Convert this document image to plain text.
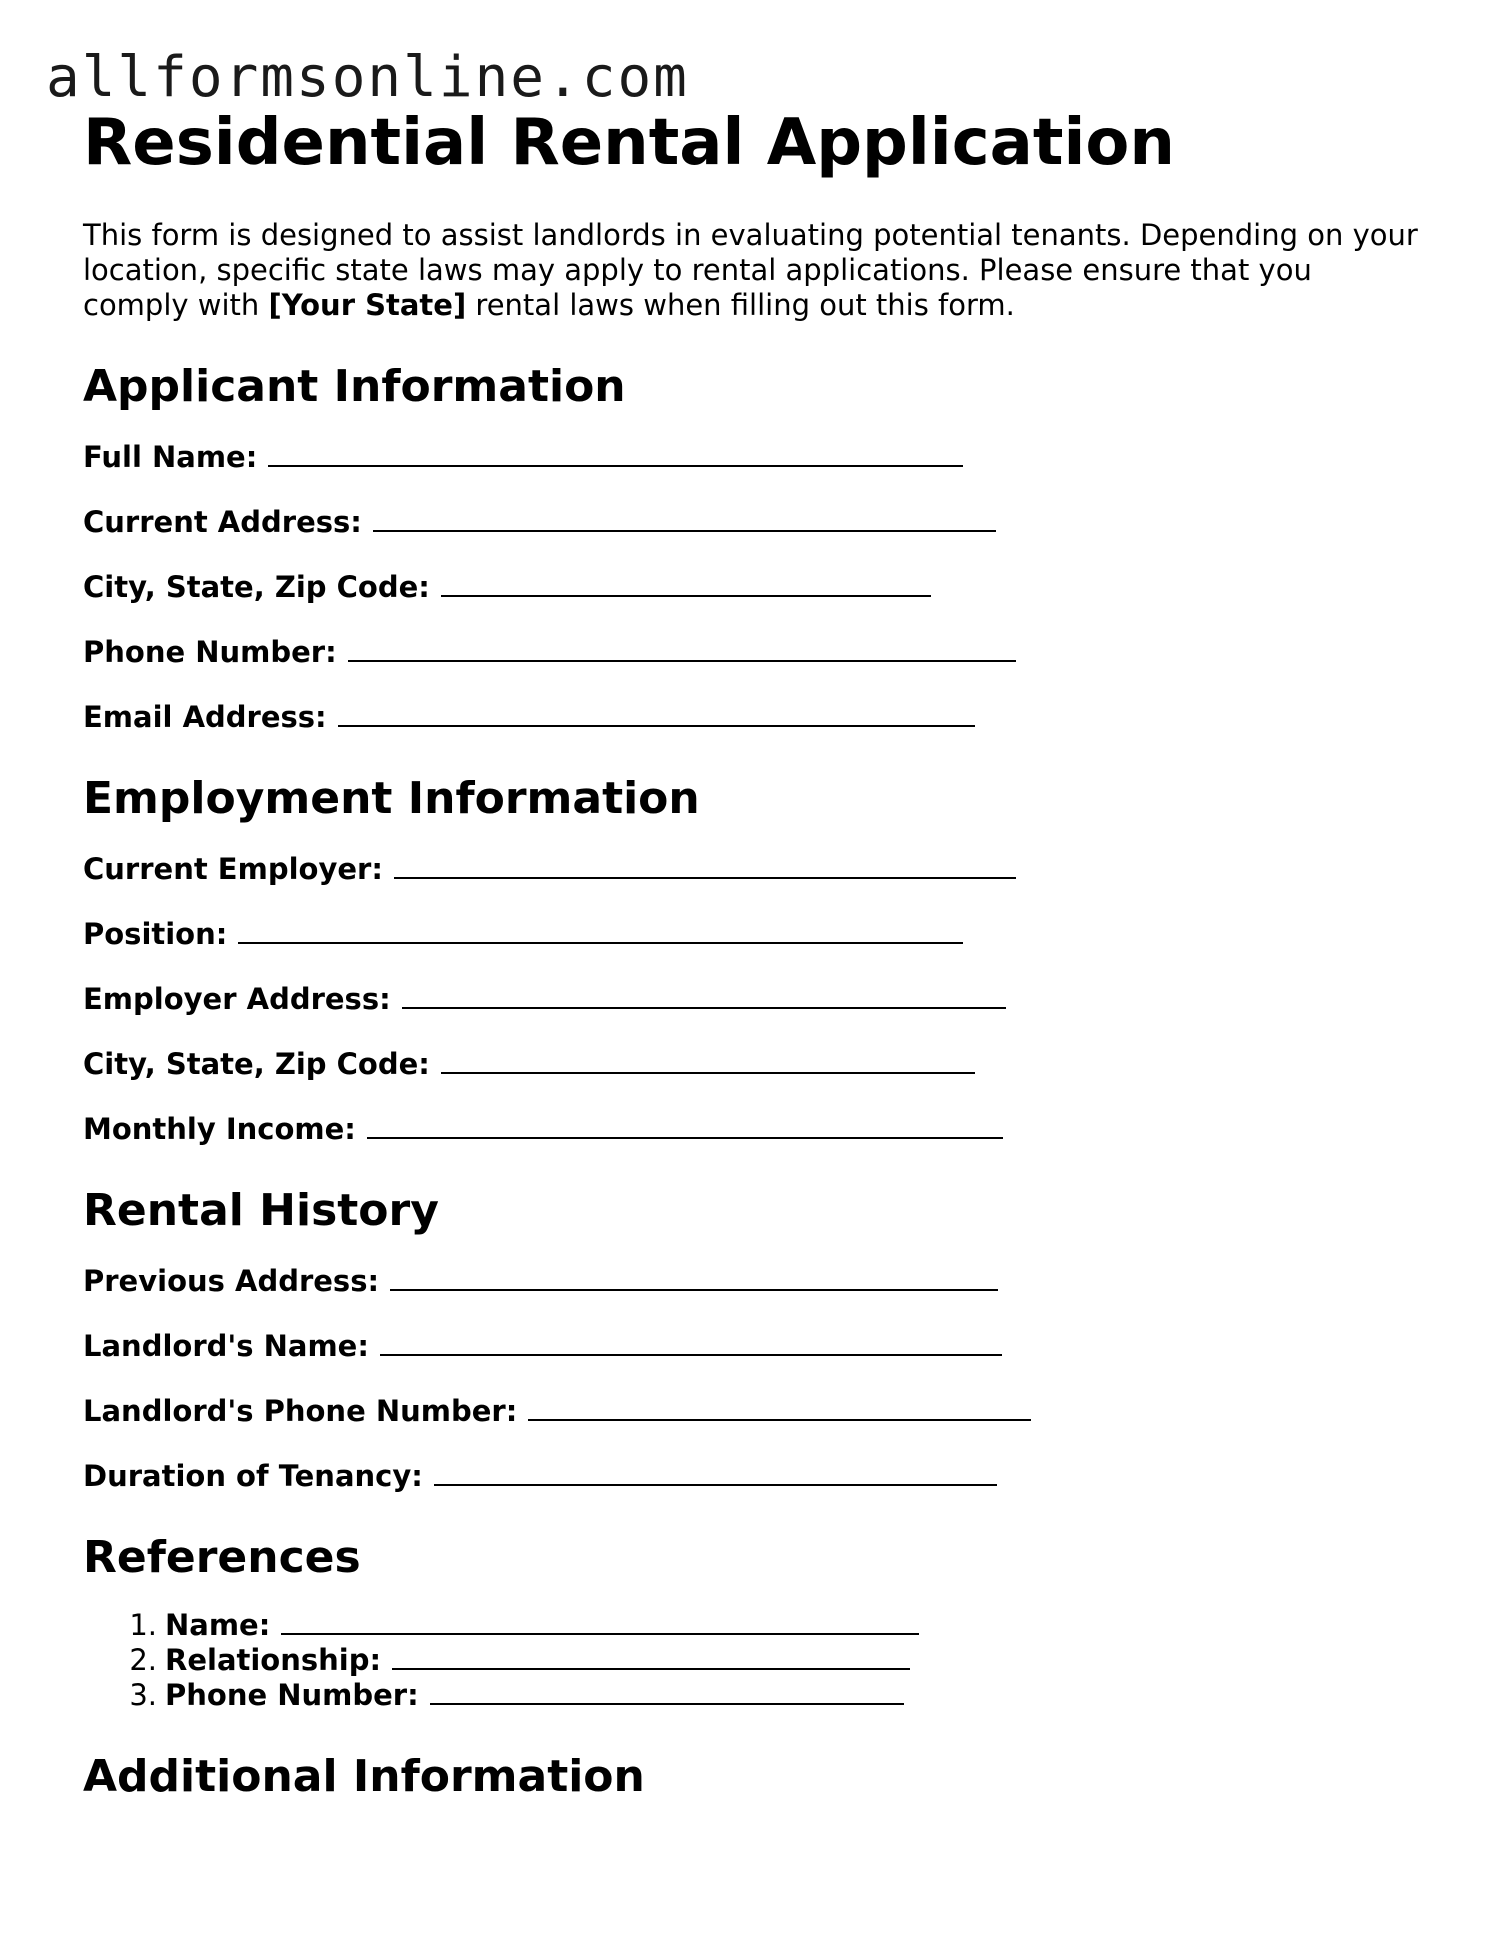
allformsonline.com
Residential Rental Application

This form is designed to assist landlords in evaluating potential tenants. Depending on your location, specific state laws may apply to rental applications. Please ensure that you comply with [Your State] rental laws when filling out this form.

Applicant Information
Full Name:
Current Address:
City, State, Zip Code:
Phone Number:
Email Address:
Employment Information
Current Employer:
Position:
Employer Address:
City, State, Zip Code:
Monthly Income:
Rental History
Previous Address:
Landlord's Name:
Landlord's Phone Number:
Duration of Tenancy:
References
1. Name:
2. Relationship:
3. Phone Number:
Additional Information
